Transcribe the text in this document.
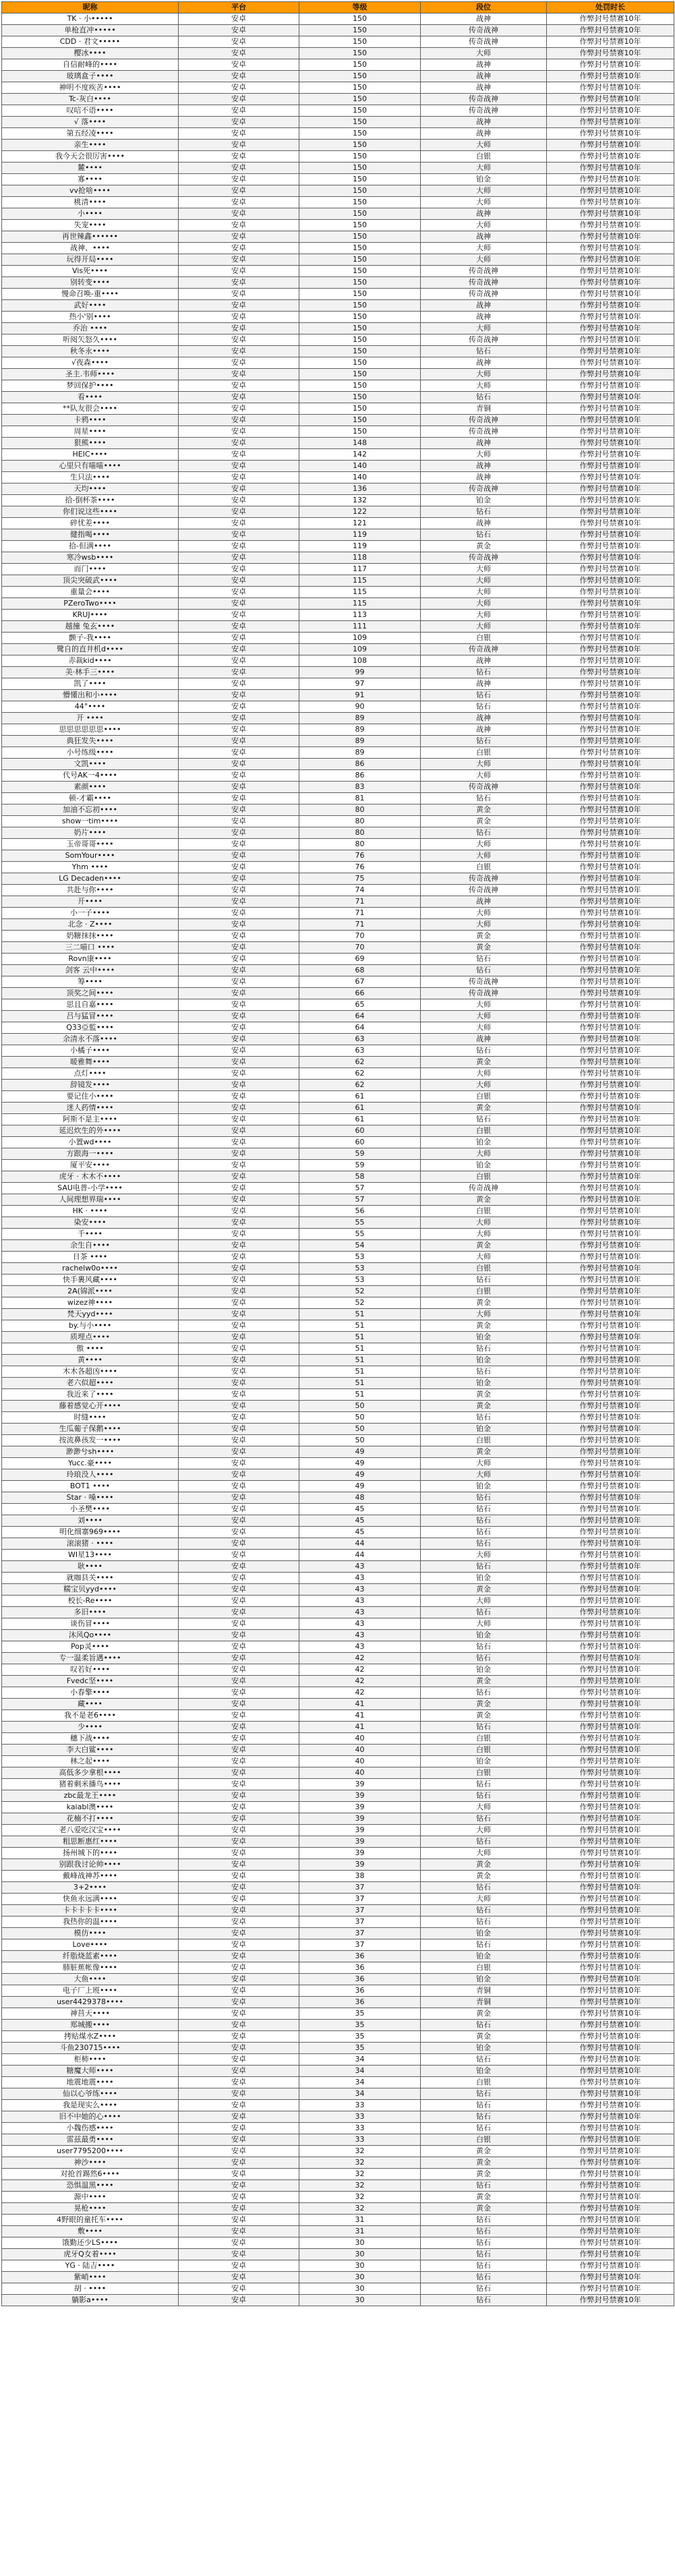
昵称	平台	等级	段位	处罚时长
TK · 小•••••	安卓	150	战神	作弊封号禁赛10年
单枪直冲•••••	安卓	150	传奇战神	作弊封号禁赛10年
CDD · 君文•••••	安卓	150	传奇战神	作弊封号禁赛10年
樱冰••••	安卓	150	大师	作弊封号禁赛10年
自信耐峰的••••	安卓	150	战神	作弊封号禁赛10年
玻璃盒子••••	安卓	150	战神	作弊封号禁赛10年
神明不度疾苦••••	安卓	150	战神	作弊封号禁赛10年
Tc-灰白••••	安卓	150	传奇战神	作弊封号禁赛10年
叹唁不语••••	安卓	150	传奇战神	作弊封号禁赛10年
√ 落••••	安卓	150	战神	作弊封号禁赛10年
第五经凌••••	安卓	150	战神	作弊封号禁赛10年
亲生••••	安卓	150	大师	作弊封号禁赛10年
我今天会很厉害••••	安卓	150	白银	作弊封号禁赛10年
麓••••	安卓	150	大师	作弊封号禁赛10年
寡••••	安卓	150	铂金	作弊封号禁赛10年
vv抢啥••••	安卓	150	大师	作弊封号禁赛10年
桃清••••	安卓	150	大师	作弊封号禁赛10年
小••••	安卓	150	战神	作弊封号禁赛10年
失宠••••	安卓	150	大师	作弊封号禁赛10年
再世辣鑫••••••	安卓	150	战神	作弊封号禁赛10年
战神、••••	安卓	150	大师	作弊封号禁赛10年
玩得开局••••	安卓	150	大师	作弊封号禁赛10年
Vis死••••	安卓	150	传奇战神	作弊封号禁赛10年
别转变••••	安卓	150	传奇战神	作弊封号禁赛10年
慢命召唤-重••••	安卓	150	传奇战神	作弊封号禁赛10年
武好••••	安卓	150	战神	作弊封号禁赛10年
热小'别••••	安卓	150	战神	作弊封号禁赛10年
乔治 ••••	安卓	150	大师	作弊封号禁赛10年
听阅矢怒久••••	安卓	150	传奇战神	作弊封号禁赛10年
秋冬永••••	安卓	150	钻石	作弊封号禁赛10年
√夜森••••	安卓	150	战神	作弊封号禁赛10年
圣主.韦师••••	安卓	150	大师	作弊封号禁赛10年
梦回保护••••	安卓	150	大师	作弊封号禁赛10年
看••••	安卓	150	钻石	作弊封号禁赛10年
**队友很会••••	安卓	150	青铜	作弊封号禁赛10年
卡鸦••••	安卓	150	传奇战神	作弊封号禁赛10年
周星••••	安卓	150	传奇战神	作弊封号禁赛10年
狠熊••••	安卓	148	战神	作弊封号禁赛10年
HEIC••••	安卓	142	大师	作弊封号禁赛10年
心里只有喵喵••••	安卓	140	战神	作弊封号禁赛10年
生只法••••	安卓	140	战神	作弊封号禁赛10年
天均••••	安卓	136	传奇战神	作弊封号禁赛10年
拾-倒杯茶••••	安卓	132	铂金	作弊封号禁赛10年
你们说这些••••	安卓	122	钻石	作弊封号禁赛10年
碎忧差••••	安卓	121	战神	作弊封号禁赛10年
健指喝••••	安卓	119	钻石	作弊封号禁赛10年
拾-但满••••	安卓	119	黄金	作弊封号禁赛10年
寒冷wsb••••	安卓	118	传奇战神	作弊封号禁赛10年
而门••••	安卓	117	大师	作弊封号禁赛10年
顶尖突破武••••	安卓	115	大师	作弊封号禁赛10年
重量会••••	安卓	115	大师	作弊封号禁赛10年
PZeroTwo••••	安卓	115	大师	作弊封号禁赛10年
KRUJ••••	安卓	113	大师	作弊封号禁赛10年
越撞 兔玄••••	安卓	111	大师	作弊封号禁赛10年
颤子-我••••	安卓	109	白银	作弊封号禁赛10年
鹭自的直井机d••••	安卓	109	传奇战神	作弊封号禁赛10年
赤裁kid••••	安卓	108	战神	作弊封号禁赛10年
美·林手三••••	安卓	99	钻石	作弊封号禁赛10年
凯了••••	安卓	97	战神	作弊封号禁赛10年
懵懂出和小••••	安卓	91	钻石	作弊封号禁赛10年
44°••••	安卓	90	钻石	作弊封号禁赛10年
开 ••••	安卓	89	战神	作弊封号禁赛10年
思思思思思思••••	安卓	89	战神	作弊封号禁赛10年
典狂发失••••	安卓	89	钻石	作弊封号禁赛10年
小号练级••••	安卓	89	白银	作弊封号禁赛10年
文凯••••	安卓	86	大师	作弊封号禁赛10年
代号AK一4••••	安卓	86	大师	作弊封号禁赛10年
素颜••••	安卓	83	传奇战神	作弊封号禁赛10年
顿-才霸••••	安卓	81	钻石	作弊封号禁赛10年
加油不忘初••••	安卓	80	黄金	作弊封号禁赛10年
show一tim••••	安卓	80	黄金	作弊封号禁赛10年
奶片••••	安卓	80	钻石	作弊封号禁赛10年
玉帝哥哥••••	安卓	80	大师	作弊封号禁赛10年
SomYour••••	安卓	76	大师	作弊封号禁赛10年
Yhm ••••	安卓	76	白银	作弊封号禁赛10年
LG Decaden••••	安卓	75	传奇战神	作弊封号禁赛10年
共赴与你••••	安卓	74	传奇战神	作弊封号禁赛10年
开••••	安卓	71	战神	作弊封号禁赛10年
小一子••••	安卓	71	大师	作弊封号禁赛10年
北念 · Z••••	安卓	71	大师	作弊封号禁赛10年
奶糖抹抹••••	安卓	70	黄金	作弊封号禁赛10年
三二喵口 ••••	安卓	70	黄金	作弊封号禁赛10年
Rovn康••••	安卓	69	钻石	作弊封号禁赛10年
剑客 云中••••	安卓	68	钻石	作弊封号禁赛10年
筹••••	安卓	67	传奇战神	作弊封号禁赛10年
顶奖之间••••	安卓	66	传奇战神	作弊封号禁赛10年
思且自嘉••••	安卓	65	大师	作弊封号禁赛10年
吕与猛冒••••	安卓	64	大师	作弊封号禁赛10年
Q33亞監••••	安卓	64	大师	作弊封号禁赛10年
余清永不落••••	安卓	63	战神	作弊封号禁赛10年
小橘子••••	安卓	63	钻石	作弊封号禁赛10年
暖雅舞••••	安卓	62	黄金	作弊封号禁赛10年
点灯••••	安卓	62	大师	作弊封号禁赛10年
辞镜发••••	安卓	62	大师	作弊封号禁赛10年
要记住小••••	安卓	61	白银	作弊封号禁赛10年
迷人药情••••	安卓	61	黄金	作弊封号禁赛10年
阿斯不是主••••	安卓	61	钻石	作弊封号禁赛10年
延迟炊生的外••••	安卓	60	白银	作弊封号禁赛10年
小置wd••••	安卓	60	铂金	作弊封号禁赛10年
方跟海一••••	安卓	59	大师	作弊封号禁赛10年
厦平安••••	安卓	59	铂金	作弊封号禁赛10年
虎牙 · 木木不••••	安卓	58	白银	作弊封号禁赛10年
SAU电普-小学••••	安卓	57	传奇战神	作弊封号禁赛10年
人间理想界瑞••••	安卓	57	黄金	作弊封号禁赛10年
HK · ••••	安卓	56	白银	作弊封号禁赛10年
染安••••	安卓	55	大师	作弊封号禁赛10年
千••••	安卓	55	大师	作弊封号禁赛10年
余生自••••	安卓	54	黄金	作弊封号禁赛10年
日茶 ••••	安卓	53	大师	作弊封号禁赛10年
rachelw0o••••	安卓	53	白银	作弊封号禁赛10年
快手裹风藏••••	安卓	53	钻石	作弊封号禁赛10年
2A(锦派••••	安卓	52	白银	作弊封号禁赛10年
wizez神••••	安卓	52	黄金	作弊封号禁赛10年
梵天yyd••••	安卓	51	大师	作弊封号禁赛10年
by.与小••••	安卓	51	黄金	作弊封号禁赛10年
质埋点••••	安卓	51	铂金	作弊封号禁赛10年
傲 ••••	安卓	51	钻石	作弊封号禁赛10年
黄••••	安卓	51	铂金	作弊封号禁赛10年
木木各超凶••••	安卓	51	钻石	作弊封号禁赛10年
老六似超••••	安卓	51	铂金	作弊封号禁赛10年
我近来了••••	安卓	51	黄金	作弊封号禁赛10年
藤着感觉心开••••	安卓	50	黄金	作弊封号禁赛10年
时缝••••	安卓	50	钻石	作弊封号禁赛10年
生瓜葡子保鹅••••	安卓	50	铂金	作弊封号禁赛10年
按流鼻孩发一••••	安卓	50	白银	作弊封号禁赛10年
渺渺兮sh••••	安卓	49	黄金	作弊封号禁赛10年
Yucc.豪••••	安卓	49	大师	作弊封号禁赛10年
玲琅没人••••	安卓	49	大师	作弊封号禁赛10年
BOT1 ••••	安卓	49	铂金	作弊封号禁赛10年
Star · 嗓••••	安卓	48	钻石	作弊封号禁赛10年
小圣樊••••	安卓	45	钻石	作弊封号禁赛10年
刘••••	安卓	45	钻石	作弊封号禁赛10年
明化细寨969••••	安卓	45	钻石	作弊封号禁赛10年
滚滚猪 · ••••	安卓	44	钻石	作弊封号禁赛10年
WI星13••••	安卓	44	大师	作弊封号禁赛10年
耿••••	安卓	43	钻石	作弊封号禁赛10年
就咖县关••••	安卓	43	铂金	作弊封号禁赛10年
糯宝贝yyd••••	安卓	43	黄金	作弊封号禁赛10年
校长-Re••••	安卓	43	大师	作弊封号禁赛10年
多旧••••	安卓	43	钻石	作弊封号禁赛10年
谈伤冒••••	安卓	43	大师	作弊封号禁赛10年
沐风Qo••••	安卓	43	铂金	作弊封号禁赛10年
Pop灵••••	安卓	43	钻石	作弊封号禁赛10年
专一温柔旨遇••••	安卓	42	钻石	作弊封号禁赛10年
叹若好••••	安卓	42	铂金	作弊封号禁赛10年
Fvedc坚••••	安卓	42	黄金	作弊封号禁赛10年
小春擎••••	安卓	42	钻石	作弊封号禁赛10年
藏••••	安卓	41	黄金	作弊封号禁赛10年
我不是老6••••	安卓	41	黄金	作弊封号禁赛10年
少••••	安卓	41	钻石	作弊封号禁赛10年
穗下战••••	安卓	40	白银	作弊封号禁赛10年
李大白鲨••••	安卓	40	白银	作弊封号禁赛10年
林之起••••	安卓	40	铂金	作弊封号禁赛10年
高低多少拿根••••	安卓	40	白银	作弊封号禁赛10年
猪着剩米播鸟••••	安卓	39	钻石	作弊封号禁赛10年
zbc最龙王••••	安卓	39	钻石	作弊封号禁赛10年
kaiabl澳••••	安卓	39	大师	作弊封号禁赛10年
花楠不打••••	安卓	39	钻石	作弊封号禁赛10年
老八爱吃汉宝••••	安卓	39	大师	作弊封号禁赛10年
粗思断惠红••••	安卓	39	钻石	作弊封号禁赛10年
扬州城下的••••	安卓	39	大师	作弊封号禁赛10年
别跟我讨论帅••••	安卓	39	黄金	作弊封号禁赛10年
戴峰战神苏••••	安卓	38	黄金	作弊封号禁赛10年
3+2••••	安卓	37	钻石	作弊封号禁赛10年
快鱼永远满••••	安卓	37	大师	作弊封号禁赛10年
卡卡卡卡卡••••	安卓	37	钻石	作弊封号禁赛10年
我热你的温••••	安卓	37	钻石	作弊封号禁赛10年
模仿••••	安卓	37	铂金	作弊封号禁赛10年
Love••••	安卓	37	钻石	作弊封号禁赛10年
纤脂烧蓝素••••	安卓	36	铂金	作弊封号禁赛10年
肺脏蕉帐像••••	安卓	36	白银	作弊封号禁赛10年
大鱼••••	安卓	36	铂金	作弊封号禁赛10年
电子厂上班••••	安卓	36	青铜	作弊封号禁赛10年
user4429378••••	安卓	36	青铜	作弊封号禁赛10年
神莒天••••	安卓	35	黄金	作弊封号禁赛10年
郑城搬••••	安卓	35	钻石	作弊封号禁赛10年
拷贴煤水Z••••	安卓	35	黄金	作弊封号禁赛10年
斗鱼230715••••	安卓	35	铂金	作弊封号禁赛10年
柜柿••••	安卓	34	钻石	作弊封号禁赛10年
糖魔大师••••	安卓	34	铂金	作弊封号禁赛10年
地震地震••••	安卓	34	白银	作弊封号禁赛10年
仙以心爷练••••	安卓	34	钻石	作弊封号禁赛10年
我是现实么••••	安卓	33	钻石	作弊封号禁赛10年
旧不中她的心••••	安卓	33	钻石	作弊封号禁赛10年
小魏伤感••••	安卓	33	钻石	作弊封号禁赛10年
雷兹最勇••••	安卓	33	白银	作弊封号禁赛10年
user7795200••••	安卓	32	黄金	作弊封号禁赛10年
神沙••••	安卓	32	黄金	作弊封号禁赛10年
对抢首踢然6••••	安卓	32	黄金	作弊封号禁赛10年
恐惧温黑••••	安卓	32	钻石	作弊封号禁赛10年
源中••••	安卓	32	黄金	作弊封号禁赛10年
晃枪••••	安卓	32	黄金	作弊封号禁赛10年
4野眼的童托车••••	安卓	31	钻石	作弊封号禁赛10年
敷••••	安卓	31	钻石	作弊封号禁赛10年
饿勤还少LS••••	安卓	30	钻石	作弊封号禁赛10年
虎牙Q女着••••	安卓	30	钻石	作弊封号禁赛10年
YG · 陆吉••••	安卓	30	钻石	作弊封号禁赛10年
紫峭••••	安卓	30	钻石	作弊封号禁赛10年
胡 · ••••	安卓	30	钻石	作弊封号禁赛10年
躺影a••••	安卓	30	钻石	作弊封号禁赛10年
